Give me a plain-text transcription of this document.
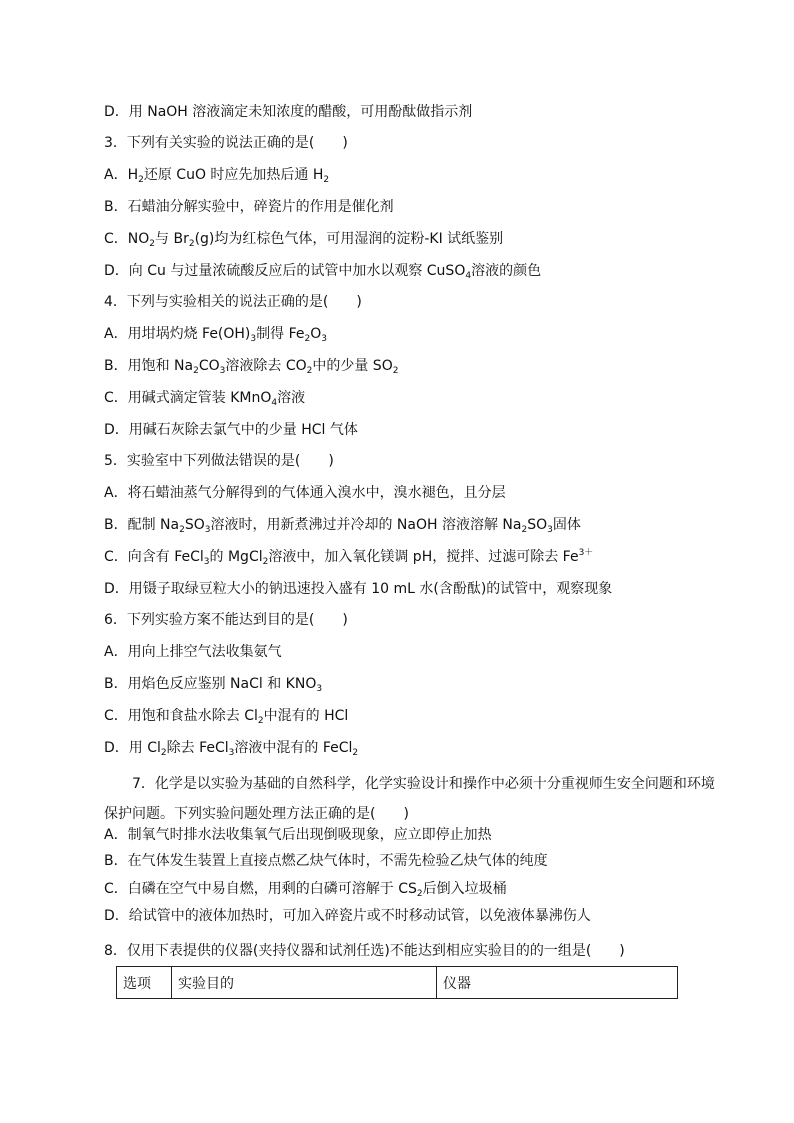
D．用 NaOH 溶液滴定未知浓度的醋酸，可用酚酞做指示剂
3．下列有关实验的说法正确的是(　　)
A．$H_2$还原 CuO 时应先加热后通 $H_2$
B．石蜡油分解实验中，碎瓷片的作用是催化剂
C．$NO_2$与 $Br_2(g)$均为红棕色气体，可用湿润的淀粉-KI 试纸鉴别
D．向 Cu 与过量浓硫酸反应后的试管中加水以观察 CuSO$_4$溶液的颜色
4．下列与实验相关的说法正确的是(　　)
A．用坩埚灼烧 $Fe(OH)_3$制得 $Fe_2O_3$
B．用饱和 $Na_2CO_3$溶液除去 $CO_2$中的少量 $SO_2$
C．用碱式滴定管装 KMnO$_4$溶液
D．用碱石灰除去氯气中的少量 HCl 气体
5．实验室中下列做法错误的是(　　)
A．将石蜡油蒸气分解得到的气体通入溴水中，溴水褪色，且分层
B．配制 $Na_2SO_3$溶液时，用新煮沸过并冷却的 NaOH 溶液溶解 $Na_2SO_3$固体
C．向含有 FeCl$_3$的 MgCl$_2$溶液中，加入氧化镁调 pH，搅拌、过滤可除去 $Fe^{3+}$
D．用镊子取绿豆粒大小的钠迅速投入盛有 10 mL 水(含酚酞)的试管中，观察现象
6．下列实验方案不能达到目的是(　　)
A．用向上排空气法收集氨气
B．用焰色反应鉴别 NaCl 和 $KNO_3$
C．用饱和食盐水除去 $Cl_2$中混有的 HCl
D．用 $Cl_2$除去 FeCl$_3$溶液中混有的 FeCl$_2$
　　7．化学是以实验为基础的自然科学，化学实验设计和操作中必须十分重视师生安全问题和环境保护问题。下列实验问题处理方法正确的是(　　)
A．制氧气时排水法收集氧气后出现倒吸现象，应立即停止加热
B．在气体发生装置上直接点燃乙炔气体时，不需先检验乙炔气体的纯度
C．白磷在空气中易自燃，用剩的白磷可溶解于 $CS_2$后倒入垃圾桶
D．给试管中的液体加热时，可加入碎瓷片或不时移动试管，以免液体暴沸伤人
8．仅用下表提供的仪器(夹持仪器和试剂任选)不能达到相应实验目的的一组是(　　)
选项	实验目的	仪器
